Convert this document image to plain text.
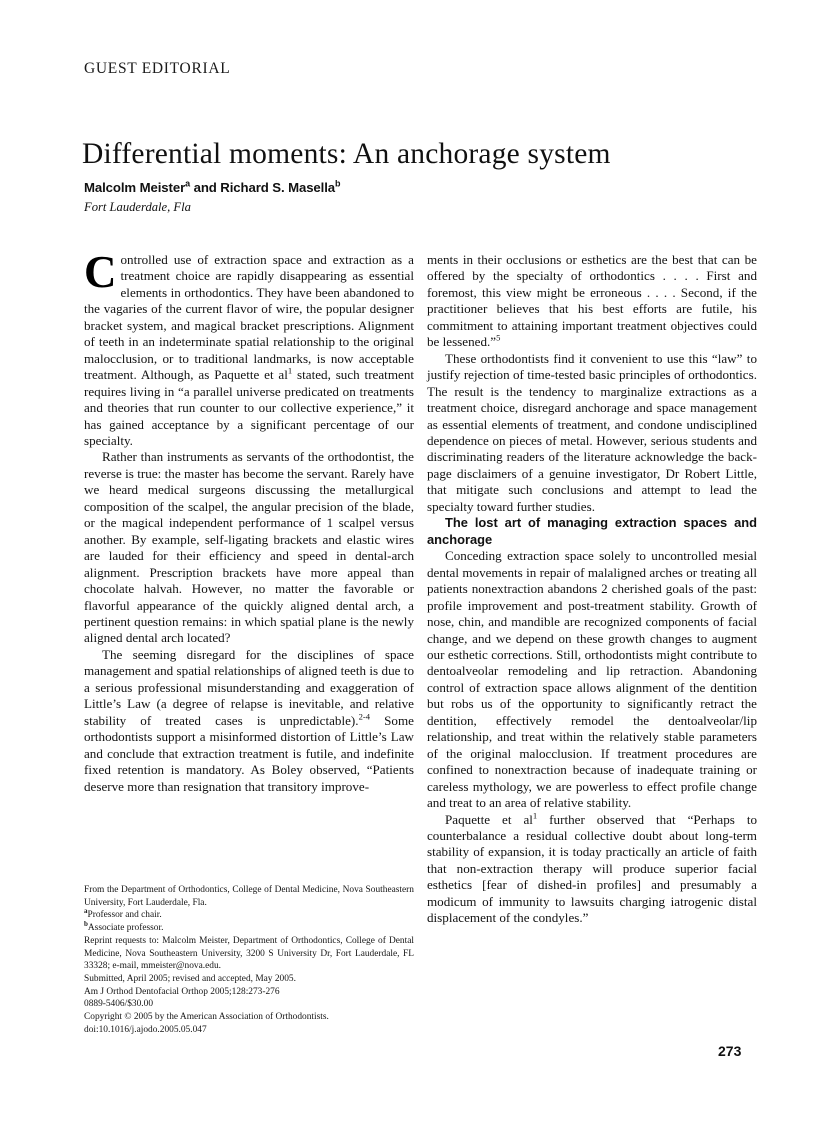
GUEST EDITORIAL
Differential moments: An anchorage system
Malcolm Meister$^a$ and Richard S. Masella$^b$
Fort Lauderdale, Fla

Controlled use of extraction space and extraction as a treatment choice are rapidly disappearing as essential elements in orthodontics. They have been abandoned to the vagaries of the current flavor of wire, the popular designer bracket system, and magical bracket prescriptions. Alignment of teeth in an indeterminate spatial relationship to the original malocclusion, or to traditional landmarks, is now acceptable treatment. Although, as Paquette et al$^1$ stated, such treatment requires living in “a parallel universe predicated on treatments and theories that run counter to our collective experience,” it has gained acceptance by a significant percentage of our specialty.

Rather than instruments as servants of the orthodontist, the reverse is true: the master has become the servant. Rarely have we heard medical surgeons discussing the metallurgical composition of the scalpel, the angular precision of the blade, or the magical independent performance of 1 scalpel versus another. By example, self-ligating brackets and elastic wires are lauded for their efficiency and speed in dental-arch alignment. Prescription brackets have more appeal than chocolate halvah. However, no matter the favorable or flavorful appearance of the quickly aligned dental arch, a pertinent question remains: in which spatial plane is the newly aligned dental arch located?

The seeming disregard for the disciplines of space management and spatial relationships of aligned teeth is due to a serious professional misunderstanding and exaggeration of Little’s Law (a degree of relapse is inevitable, and relative stability of treated cases is unpredictable).$^{2-4}$ Some orthodontists support a misinformed distortion of Little’s Law and conclude that extraction treatment is futile, and indefinite fixed retention is mandatory. As Boley observed, “Patients deserve more than resignation that transitory improve-

ments in their occlusions or esthetics are the best that can be offered by the specialty of orthodontics . . . . First and foremost, this view might be erroneous . . . . Second, if the practitioner believes that his best efforts are futile, his commitment to attaining important treatment objectives could be lessened.”$^5$

These orthodontists find it convenient to use this “law” to justify rejection of time-tested basic principles of orthodontics. The result is the tendency to marginalize extractions as a treatment choice, disregard anchorage and space management as essential elements of treatment, and condone undisciplined dependence on pieces of metal. However, serious students and discriminating readers of the literature acknowledge the back-page disclaimers of a genuine investigator, Dr Robert Little, that mitigate such conclusions and attempt to lead the specialty toward further studies.

The lost art of managing extraction spaces and anchorage

Conceding extraction space solely to uncontrolled mesial dental movements in repair of malaligned arches or treating all patients nonextraction abandons 2 cherished goals of the past: profile improvement and post-treatment stability. Growth of nose, chin, and mandible are recognized components of facial change, and we depend on these growth changes to augment our esthetic corrections. Still, orthodontists might contribute to dentoalveolar remodeling and lip retraction. Abandoning control of extraction space allows alignment of the dentition but robs us of the opportunity to significantly retract the dentition, effectively remodel the dentoalveolar/lip relationship, and treat within the relatively stable parameters of the original malocclusion. If treatment procedures are confined to nonextraction because of inadequate training or careless mythology, we are powerless to effect profile change and treat to an area of relative stability.

Paquette et al$^1$ further observed that “Perhaps to counterbalance a residual collective doubt about long-term stability of expansion, it is today practically an article of faith that non-extraction therapy will produce superior facial esthetics [fear of dished-in profiles] and presumably a modicum of immunity to lawsuits charging iatrogenic distal displacement of the condyles.”

From the Department of Orthodontics, College of Dental Medicine, Nova Southeastern University, Fort Lauderdale, Fla.

$^a$Professor and chair.

$^b$Associate professor.

Reprint requests to: Malcolm Meister, Department of Orthodontics, College of Dental Medicine, Nova Southeastern University, 3200 S University Dr, Fort Lauderdale, FL 33328; e-mail, mmeister@nova.edu.

Submitted, April 2005; revised and accepted, May 2005.

Am J Orthod Dentofacial Orthop 2005;128:273-276

0889-5406/$30.00

Copyright © 2005 by the American Association of Orthodontists.

doi:10.1016/j.ajodo.2005.05.047

273
